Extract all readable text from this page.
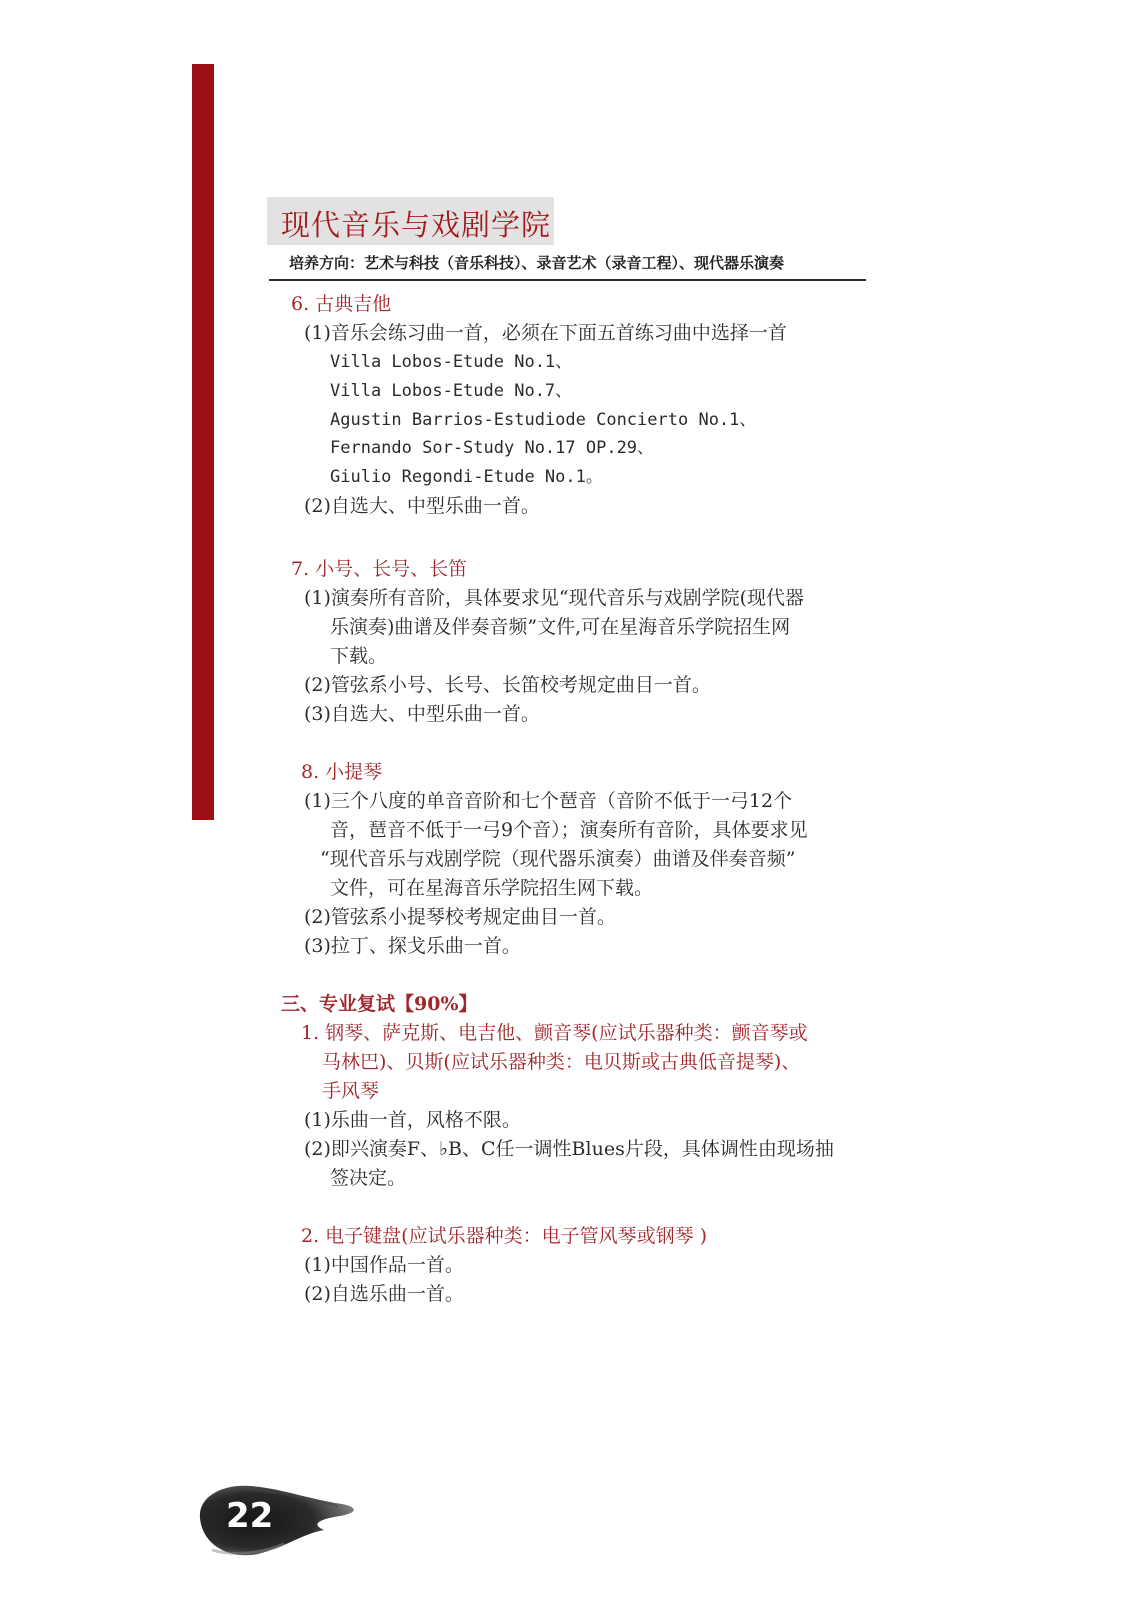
现代音乐与戏剧学院
培养方向：艺术与科技（音乐科技）、录音艺术（录音工程）、现代器乐演奏
6. 古典吉他
(1)音乐会练习曲一首，必须在下面五首练习曲中选择一首
Villa Lobos-Etude No.1、
Villa Lobos-Etude No.7、
Agustin Barrios-Estudiode Concierto No.1、
Fernando Sor-Study No.17 OP.29、
Giulio Regondi-Etude No.1。
(2)自选大、中型乐曲一首。
7. 小号、长号、长笛
(1)演奏所有音阶，具体要求见“现代音乐与戏剧学院(现代器
乐演奏)曲谱及伴奏音频”文件,可在星海音乐学院招生网
下载。
(2)管弦系小号、长号、长笛校考规定曲目一首。
(3)自选大、中型乐曲一首。
8. 小提琴
(1)三个八度的单音音阶和七个琶音（音阶不低于一弓12个
音，琶音不低于一弓9个音）；演奏所有音阶，具体要求见
“现代音乐与戏剧学院（现代器乐演奏）曲谱及伴奏音频”
文件，可在星海音乐学院招生网下载。
(2)管弦系小提琴校考规定曲目一首。
(3)拉丁、探戈乐曲一首。
三、专业复试【90%】
1. 钢琴、萨克斯、电吉他、颤音琴(应试乐器种类：颤音琴或
马林巴)、贝斯(应试乐器种类：电贝斯或古典低音提琴)、
手风琴
(1)乐曲一首，风格不限。
(2)即兴演奏F、♭B、C任一调性Blues片段，具体调性由现场抽
签决定。
2. 电子键盘(应试乐器种类：电子管风琴或钢琴 )
(1)中国作品一首。
(2)自选乐曲一首。
22
